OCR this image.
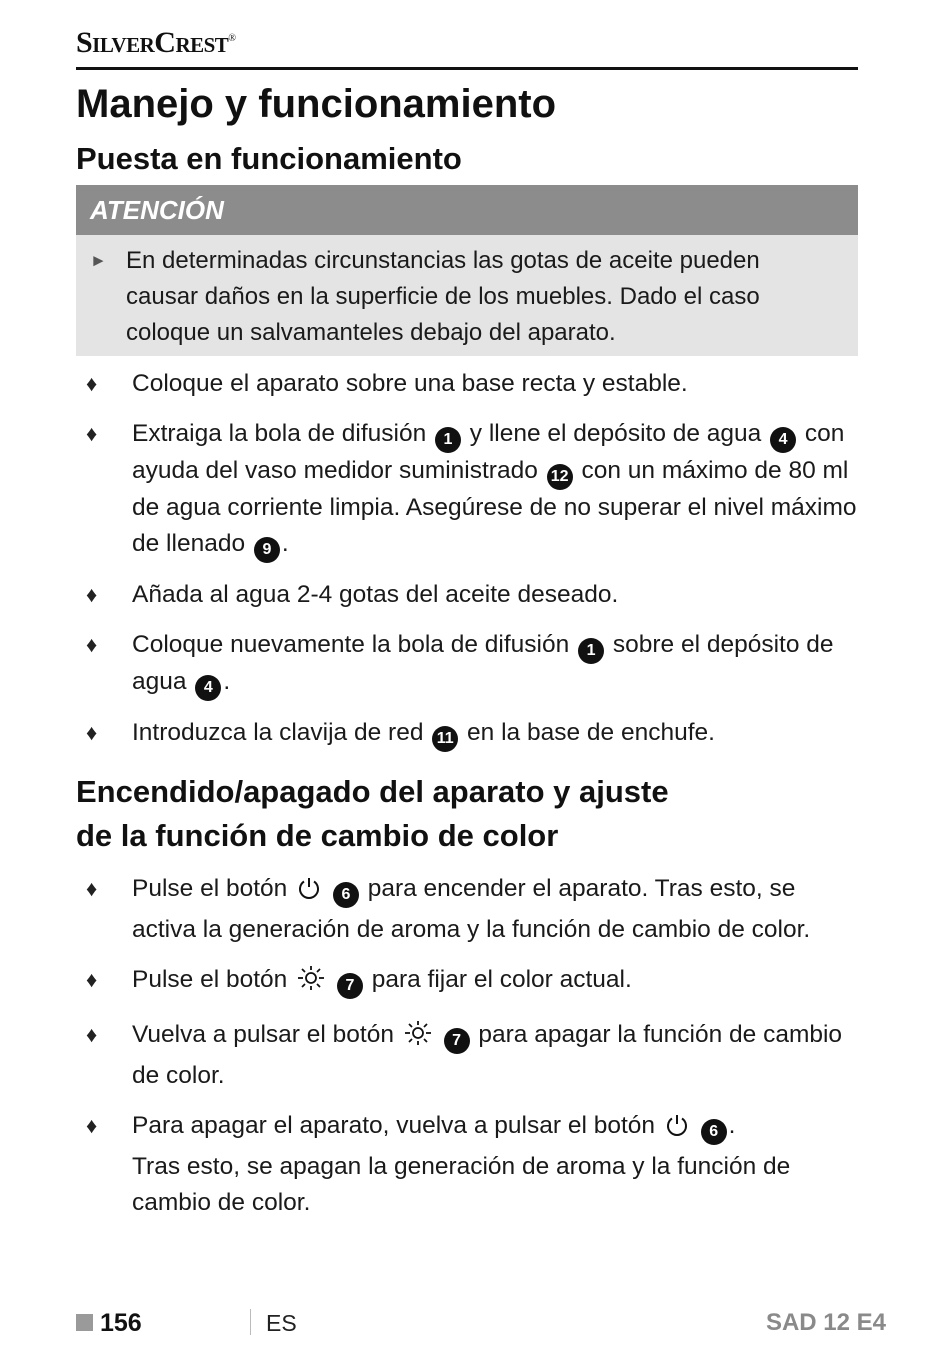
SilverCrest®
Manejo y funcionamiento
Puesta en funcionamiento
ATENCIÓN
► En determinadas circunstancias las gotas de aceite pueden causar daños en la superficie de los muebles. Dado el caso coloque un salvamanteles debajo del aparato.
♦ Coloque el aparato sobre una base recta y estable.
♦ Extraiga la bola de difusión 1 y llene el depósito de agua 4 con ayuda del vaso medidor suministrado 12 con un máximo de 80 ml de agua corriente limpia. Asegúrese de no superar el nivel máximo de llenado 9 .
♦ Añada al agua 2-4 gotas del aceite deseado.
♦ Coloque nuevamente la bola de difusión 1 sobre el depósito de agua 4 .
♦ Introduzca la clavija de red 11 en la base de enchufe.
Encendido/apagado del aparato y ajuste
de la función de cambio de color
♦ Pulse el botón	6 para encender el aparato. Tras esto, se activa la generación de aroma y la función de cambio de color.
♦ Pulse el botón	7 para fijar el color actual.
♦ Vuelva a pulsar el botón	7 para apagar la función de cambio de color.
♦ Para apagar el aparato, vuelva a pulsar el botón	6 .
Tras esto, se apagan la generación de aroma y la función de cambio de color.
156	ES	SAD 12 E4
